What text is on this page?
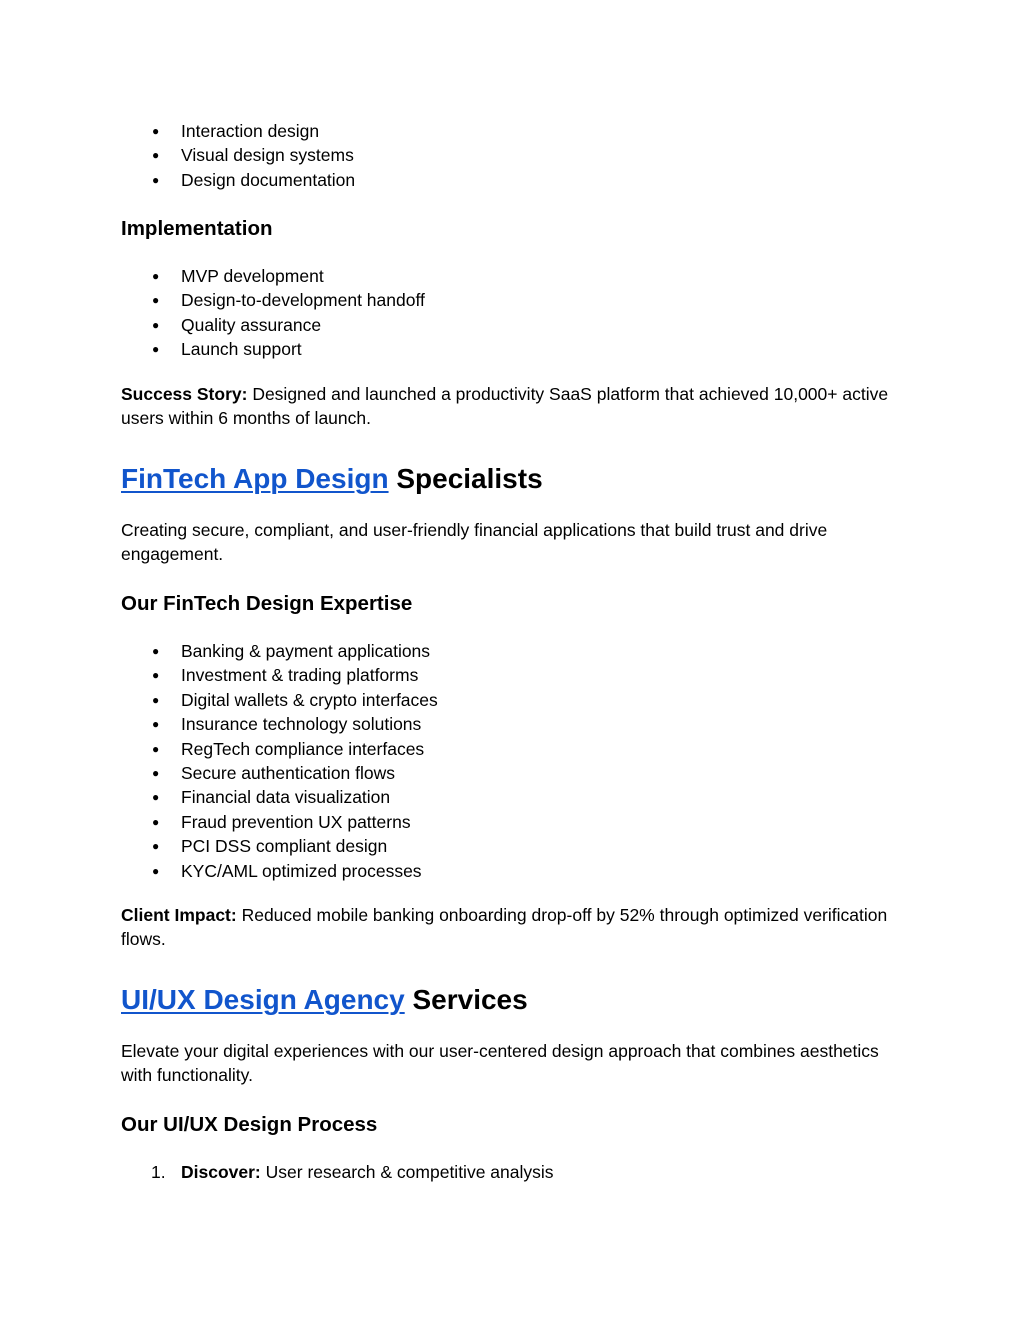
● Interaction design
● Visual design systems
● Design documentation
Implementation
● MVP development
● Design-to-development handoff
● Quality assurance
● Launch support

Success Story: Designed and launched a productivity SaaS platform that achieved 10,000+ active users within 6 months of launch.

FinTech App Design Specialists

Creating secure, compliant, and user-friendly financial applications that build trust and drive engagement.

Our FinTech Design Expertise
● Banking & payment applications
● Investment & trading platforms
● Digital wallets & crypto interfaces
● Insurance technology solutions
● RegTech compliance interfaces
● Secure authentication flows
● Financial data visualization
● Fraud prevention UX patterns
● PCI DSS compliant design
● KYC/AML optimized processes

Client Impact: Reduced mobile banking onboarding drop-off by 52% through optimized verification flows.

UI/UX Design Agency Services

Elevate your digital experiences with our user-centered design approach that combines aesthetics with functionality.

Our UI/UX Design Process
1. Discover: User research & competitive analysis
